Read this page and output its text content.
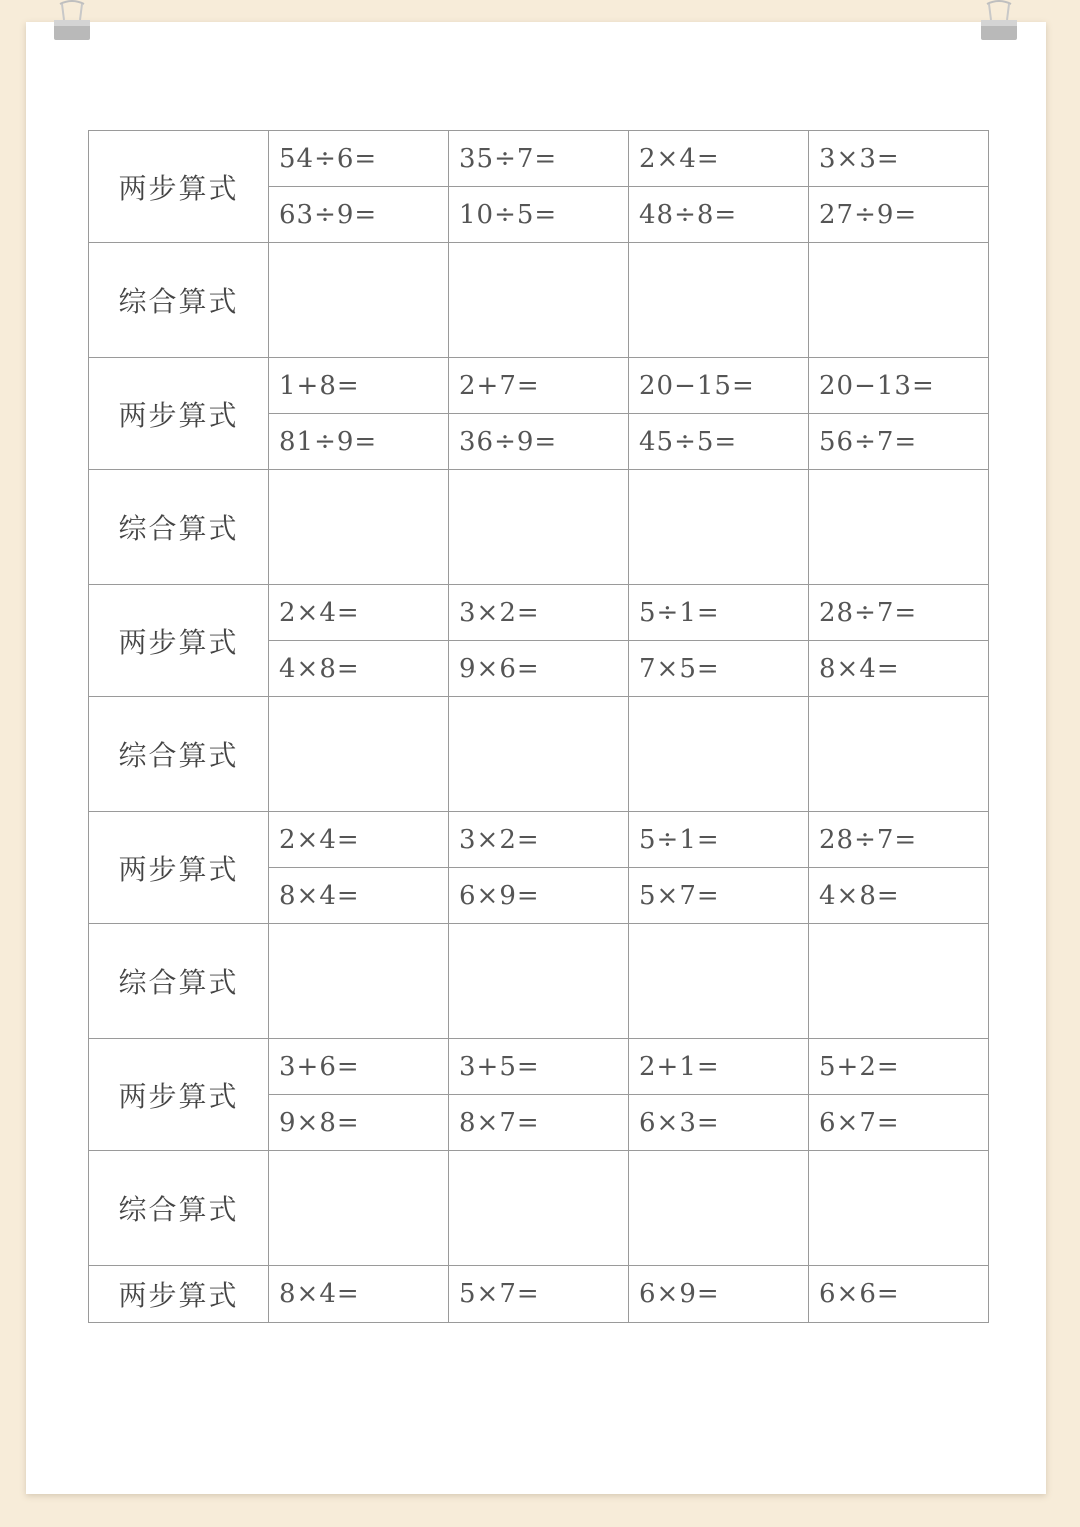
两步算式	54÷6=	35÷7=	2×4=	3×3=
	63÷9=	10÷5=	48÷8=	27÷9=
综合算式				
两步算式	1+8=	2+7=	20−15=	20−13=
	81÷9=	36÷9=	45÷5=	56÷7=
综合算式				
两步算式	2×4=	3×2=	5÷1=	28÷7=
	4×8=	9×6=	7×5=	8×4=
综合算式				
两步算式	2×4=	3×2=	5÷1=	28÷7=
	8×4=	6×9=	5×7=	4×8=
综合算式				
两步算式	3+6=	3+5=	2+1=	5+2=
	9×8=	8×7=	6×3=	6×7=
综合算式				
两步算式	8×4=	5×7=	6×9=	6×6=
